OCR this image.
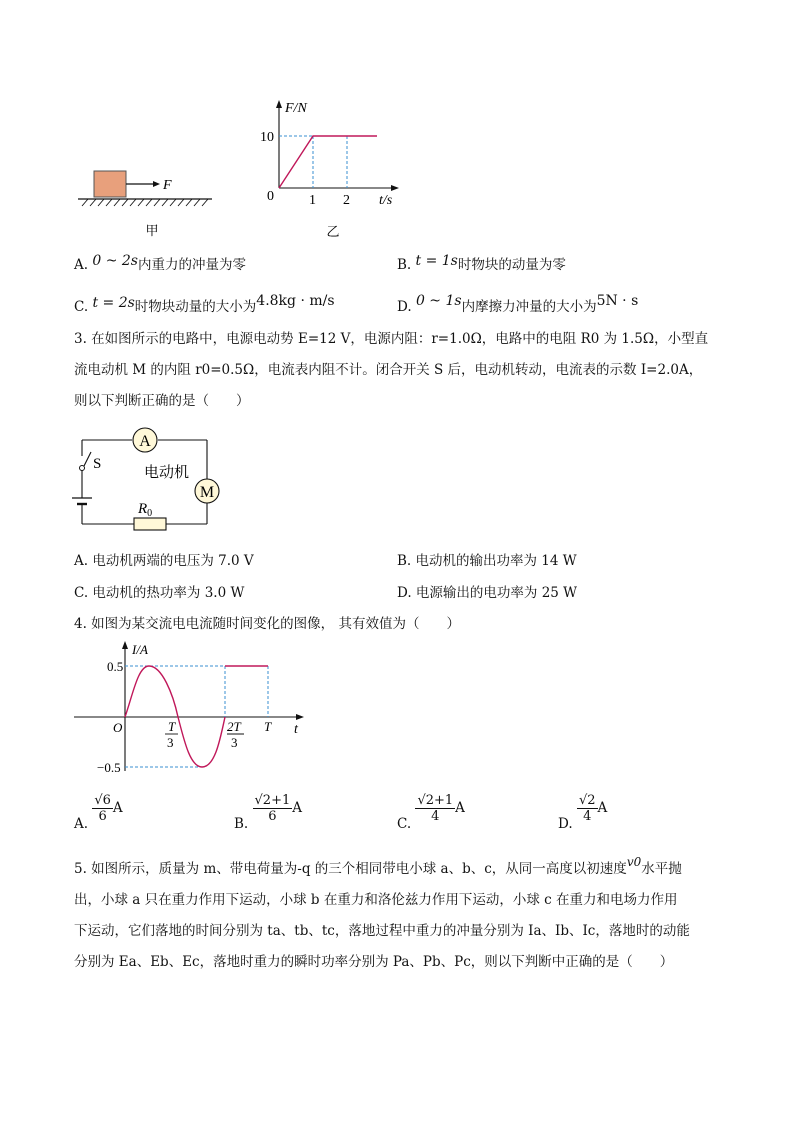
F
甲
F/N
t/s
0
10
1 2
乙
A. 0 ~ 2s内重力的冲量为零	B. t = 1s时物块的动量为零
C. t = 2s时物块动量的大小为4.8kg · m/s	D. 0 ~ 1s内摩擦力冲量的大小为5N · s
3. 在如图所示的电路中，电源电动势 E=12 V，电源内阻：r=1.0Ω，电路中的电阻 R0 为 1.5Ω，小型直
流电动机 M 的内阻 r0=0.5Ω，电流表内阻不计。闭合开关 S 后，电动机转动，电流表的示数 I=2.0A，
则以下判断正确的是（　　）
A
M
电动机
$R_0$
S
A. 电动机两端的电压为 7.0 V	B. 电动机的输出功率为 14 W
C. 电动机的热功率为 3.0 W	D. 电源输出的电功率为 25 W
4. 如图为某交流电电流随时间变化的图像， 其有效值为（　　）
I/A
t
O
0.5
−0.5
T
3
2T
3
T
A. $\frac{√6}{6}$ A
B. $\frac{√2+1}{6}$ A
C. $\frac{√2+1}{4}$ A
D. $\frac{√2}{4}$ A
5. 如图所示，质量为 m、带电荷量为-q 的三个相同带电小球 a、b、c，从同一高度以初速度v0水平抛
出，小球 a 只在重力作用下运动，小球 b 在重力和洛伦兹力作用下运动，小球 c 在重力和电场力作用
下运动，它们落地的时间分别为 ta、tb、tc，落地过程中重力的冲量分别为 Ia、Ib、Ic，落地时的动能
分别为 Ea、Eb、Ec，落地时重力的瞬时功率分别为 Pa、Pb、Pc，则以下判断中正确的是（　　）
